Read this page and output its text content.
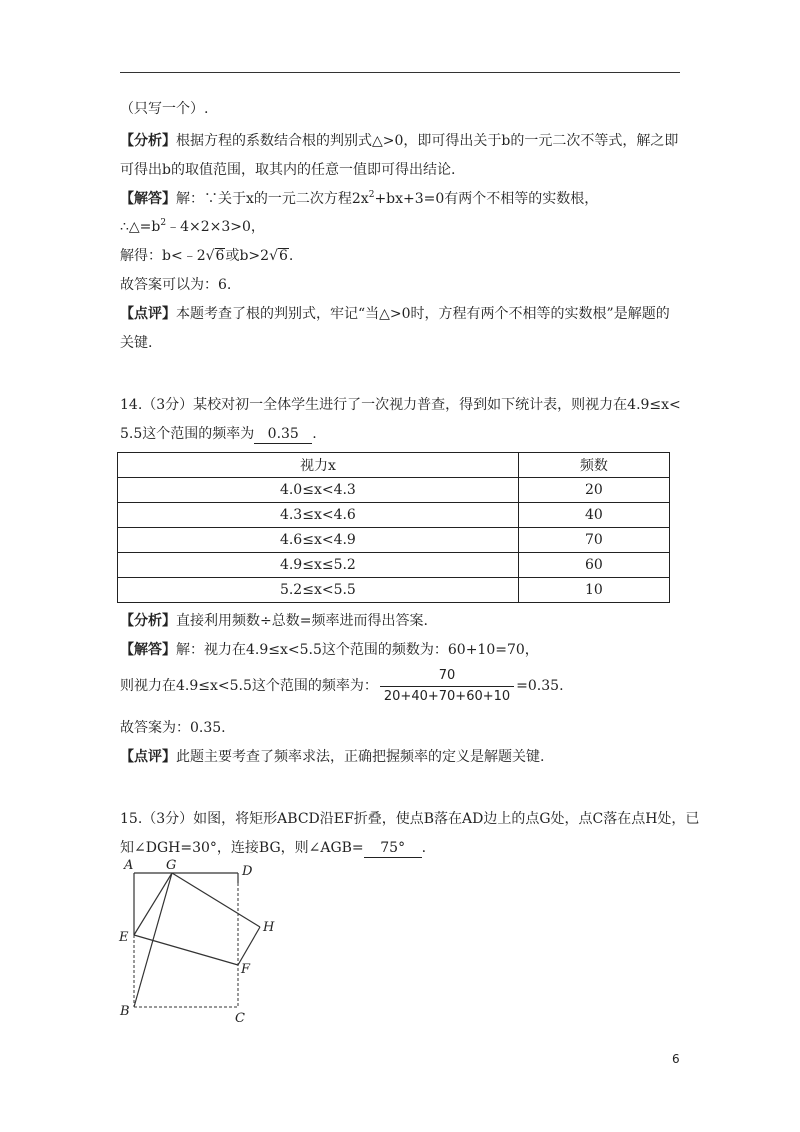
（只写一个）.
【分析】根据方程的系数结合根的判别式△>0，即可得出关于b的一元二次不等式，解之即
可得出b的取值范围，取其内的任意一值即可得出结论.
【解答】解：∵关于x的一元二次方程$2x^2+bx+3=0$有两个不相等的实数根，
$\therefore\triangle=b^2﹣4\times 2\times 3>0$，
解得：b<﹣2√6或b>2√6.
故答案可以为：6.
【点评】本题考查了根的判别式，牢记“当△>0时，方程有两个不相等的实数根”是解题的
关键.
14.（3分）某校对初一全体学生进行了一次视力普查，得到如下统计表，则视力在4.9≤x<
5.5这个范围的频率为 0.35 .
视力x	频数
4.0≤x<4.3	20
4.3≤x<4.6	40
4.6≤x<4.9	70
4.9≤x≤5.2	60
5.2≤x<5.5	10
【分析】直接利用频数÷总数=频率进而得出答案.
【解答】解：视力在4.9≤x<5.5这个范围的频数为：60+10=70，
则视力在4.9≤x<5.5这个范围的频率为： $\frac{70}{20+40+70+60+10} =0.35$.
故答案为：0.35.
【点评】此题主要考查了频率求法，正确把握频率的定义是解题关键.
15.（3分）如图，将矩形ABCD沿EF折叠，使点B落在AD边上的点G处，点C落在点H处，已
知∠DGH=30°，连接BG，则∠AGB= 75° .
A	G	D
E
H
F
B	C
6
